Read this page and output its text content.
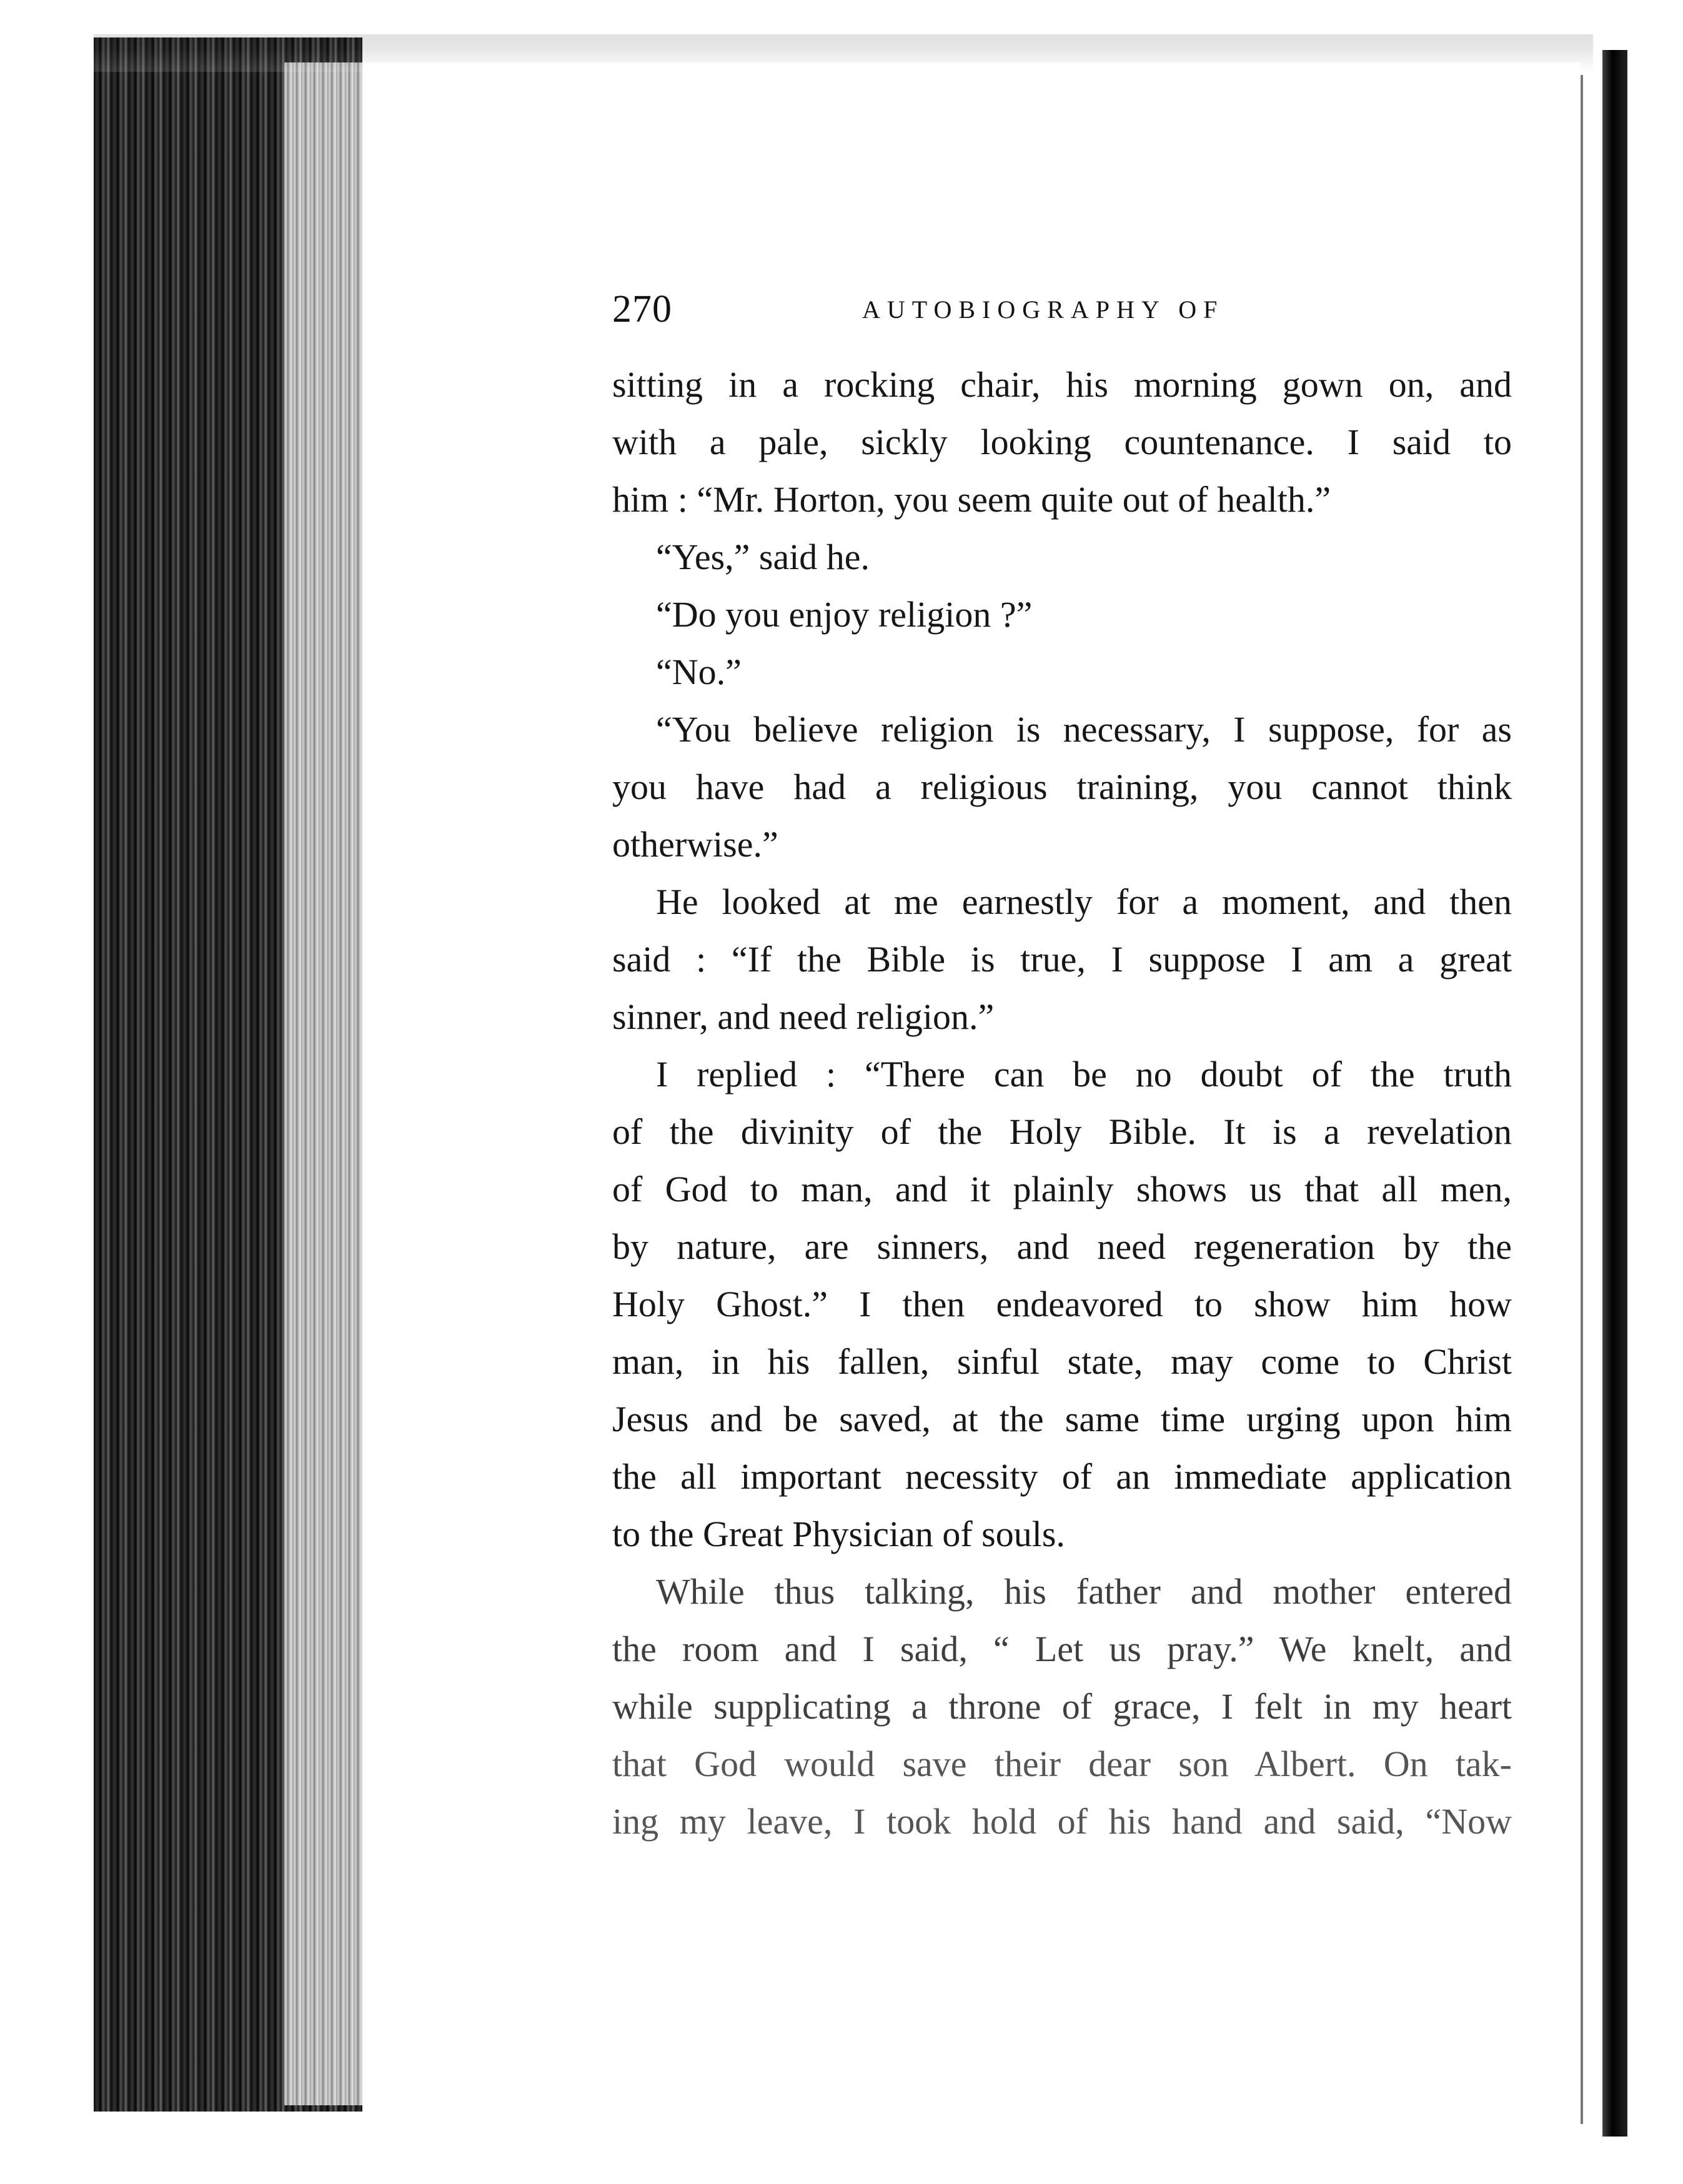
270	AUTOBIOGRAPHY OF
sitting in a rocking chair, his morning gown on, and
with a pale, sickly looking countenance. I said to
him : “Mr. Horton, you seem quite out of health.”
“Yes,” said he.
“Do you enjoy religion ?”
“No.”
“You believe religion is necessary, I suppose, for as
you have had a religious training, you cannot think
otherwise.”
He looked at me earnestly for a moment, and then
said : “If the Bible is true, I suppose I am a great
sinner, and need religion.”
I replied : “There can be no doubt of the truth
of the divinity of the Holy Bible. It is a revelation
of God to man, and it plainly shows us that all men,
by nature, are sinners, and need regeneration by the
Holy Ghost.” I then endeavored to show him how
man, in his fallen, sinful state, may come to Christ
Jesus and be saved, at the same time urging upon him
the all important necessity of an immediate application
to the Great Physician of souls.
While thus talking, his father and mother entered
the room and I said, “ Let us pray.” We knelt, and
while supplicating a throne of grace, I felt in my heart
that God would save their dear son Albert. On tak-
ing my leave, I took hold of his hand and said, “Now
